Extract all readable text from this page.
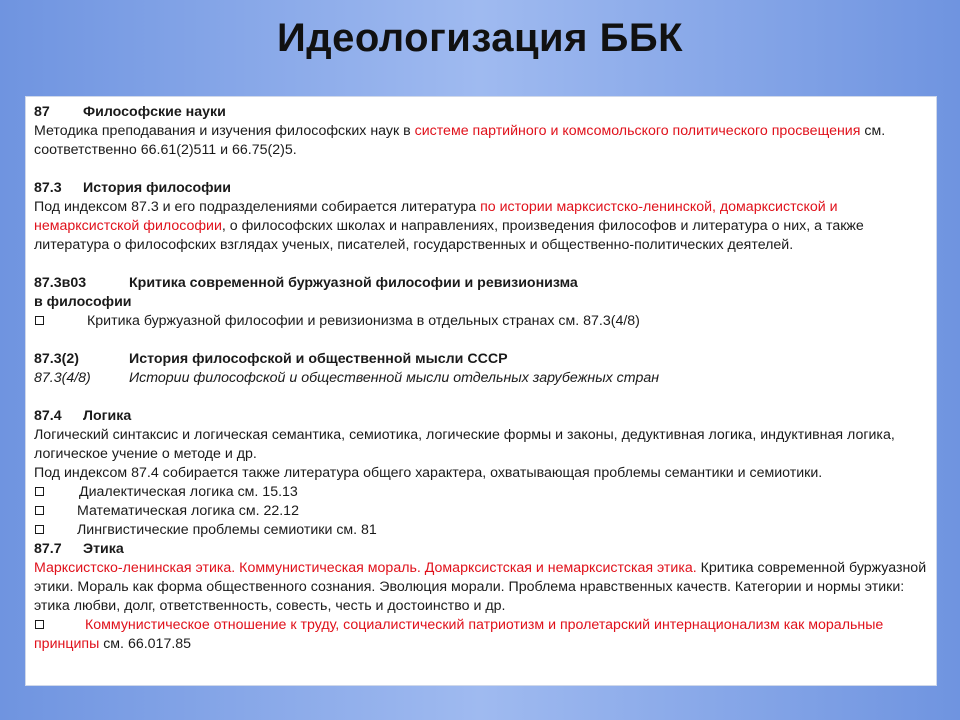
Идеологизация ББК

87 Философские науки

Методика преподавания и изучения философских наук в системе партийного и комсомольского политического просвещения см. соответственно 66.61(2)511 и 66.75(2)5.

87.3 История философии

Под индексом 87.3 и его подразделениями собирается литература по истории марксистско-ленинской, домарксистской и немарксистской философии, о философских школах и направлениях, произведения философов и литература о них, а также литература о философских взглядах ученых, писателей, государственных и общественно-политических деятелей.

87.3в03	Критика современной буржуазной философии и ревизионизма

в философии

Критика буржуазной философии и ревизионизма в отдельных странах см. 87.3(4/8)

87.3(2)	История философской и общественной мысли СССР

87.3(4/8)	Истории философской и общественной мысли отдельных зарубежных стран

87.4 Логика

Логический синтаксис и логическая семантика, семиотика, логические формы и законы, дедуктивная логика, индуктивная логика, логическое учение о методе и др.

Под индексом 87.4 собирается также литература общего характера, охватывающая проблемы семантики и семиотики.

Диалектическая логика см. 15.13

Математическая логика см. 22.12

Лингвистические проблемы семиотики см. 81

87.7 Этика

Марксистско-ленинская этика. Коммунистическая мораль. Домарксистская и немарксистская этика. Критика современной буржуазной этики. Мораль как форма общественного сознания. Эволюция морали. Проблема нравственных качеств. Категории и нормы этики: этика любви, долг, ответственность, совесть, честь и достоинство и др.

Коммунистическое отношение к труду, социалистический патриотизм и пролетарский интернационализм как моральные принципы см. 66.017.85
